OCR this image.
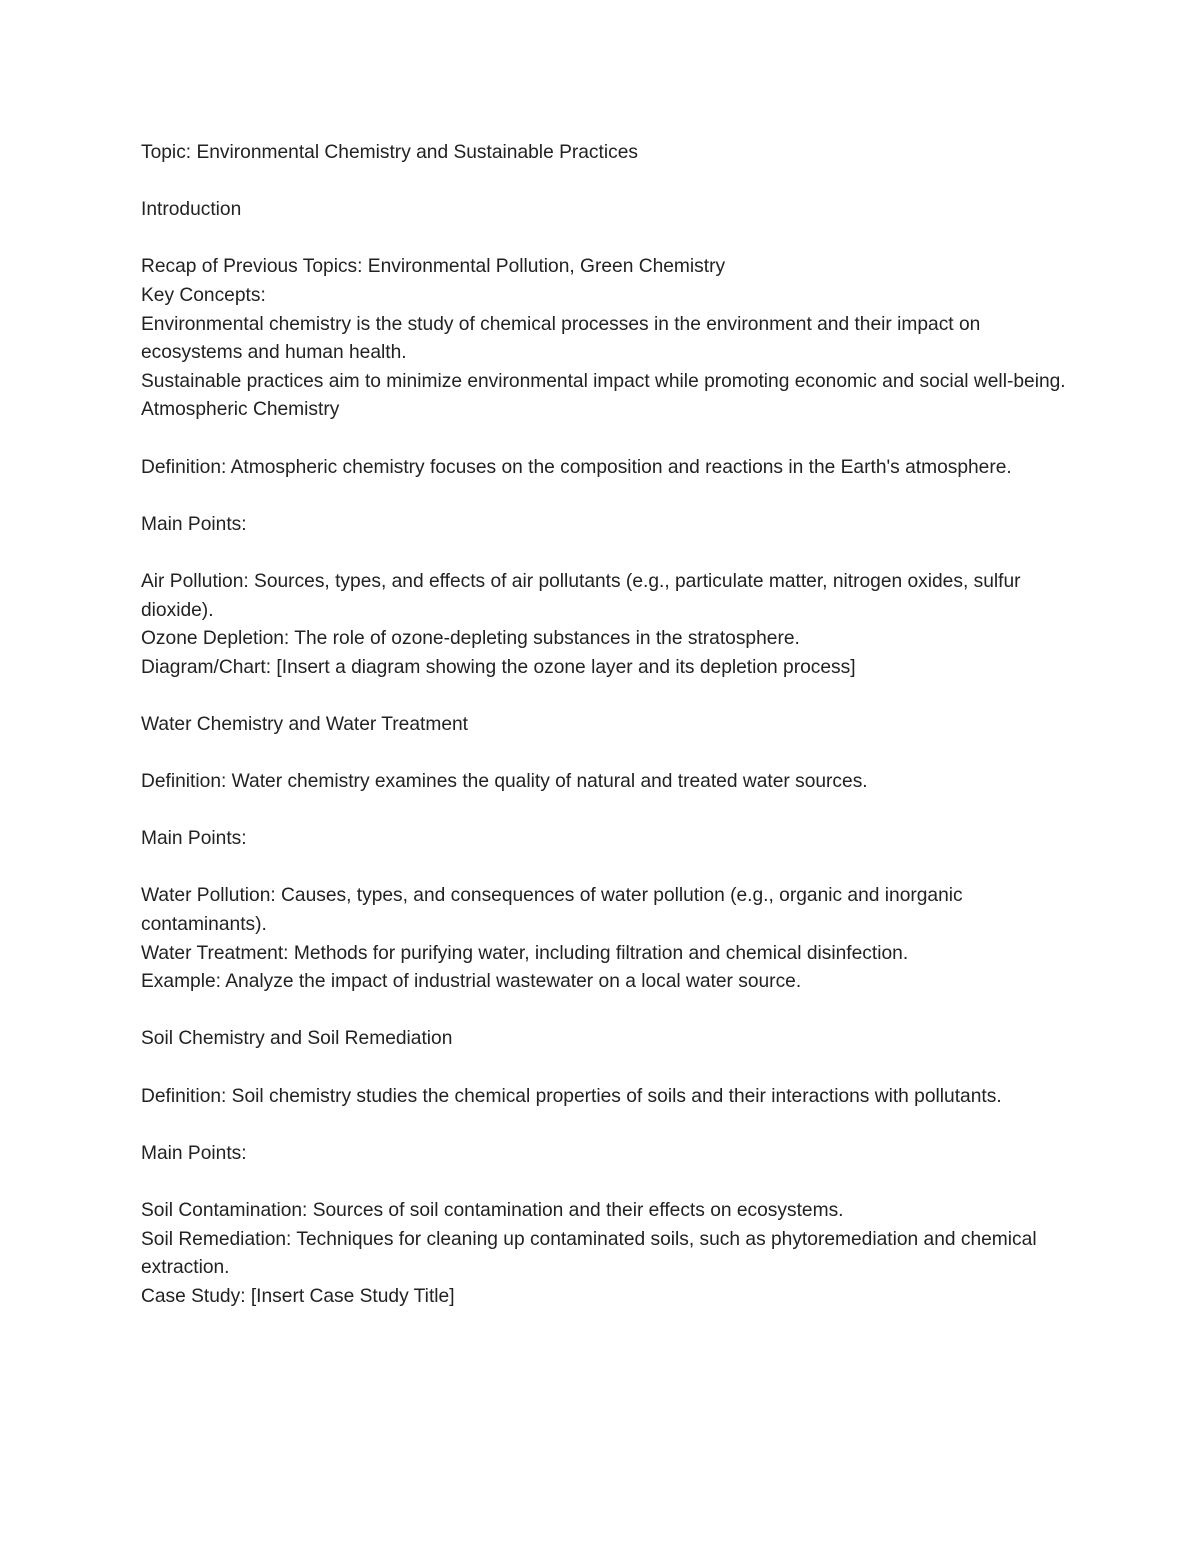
Topic: Environmental Chemistry and Sustainable Practices

Introduction

Recap of Previous Topics: Environmental Pollution, Green Chemistry

Key Concepts:

Environmental chemistry is the study of chemical processes in the environment and their impact on ecosystems and human health.

Sustainable practices aim to minimize environmental impact while promoting economic and social well-being.

Atmospheric Chemistry

Definition: Atmospheric chemistry focuses on the composition and reactions in the Earth's atmosphere.

Main Points:

Air Pollution: Sources, types, and effects of air pollutants (e.g., particulate matter, nitrogen oxides, sulfur dioxide).

Ozone Depletion: The role of ozone-depleting substances in the stratosphere.

Diagram/Chart: [Insert a diagram showing the ozone layer and its depletion process]

Water Chemistry and Water Treatment

Definition: Water chemistry examines the quality of natural and treated water sources.

Main Points:

Water Pollution: Causes, types, and consequences of water pollution (e.g., organic and inorganic contaminants).

Water Treatment: Methods for purifying water, including filtration and chemical disinfection.

Example: Analyze the impact of industrial wastewater on a local water source.

Soil Chemistry and Soil Remediation

Definition: Soil chemistry studies the chemical properties of soils and their interactions with pollutants.

Main Points:

Soil Contamination: Sources of soil contamination and their effects on ecosystems.

Soil Remediation: Techniques for cleaning up contaminated soils, such as phytoremediation and chemical extraction.

Case Study: [Insert Case Study Title]
